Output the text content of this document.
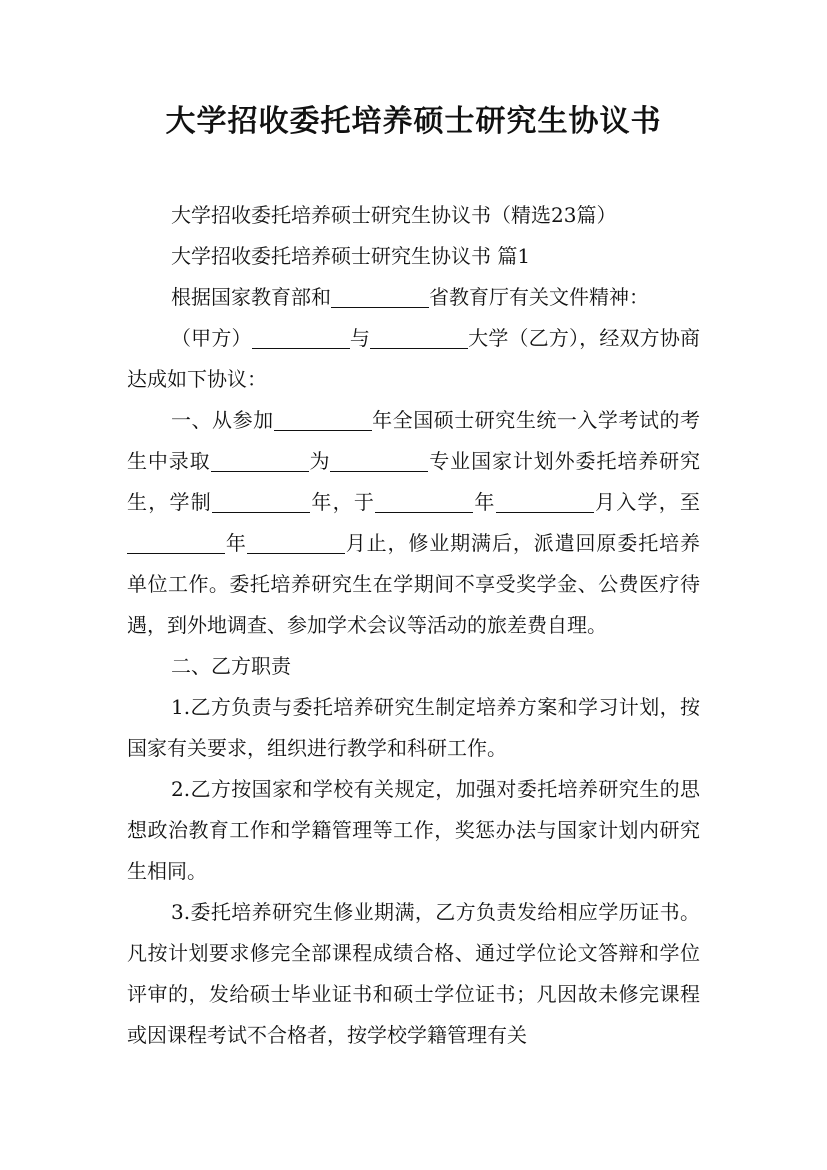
大学招收委托培养硕士研究生协议书

大学招收委托培养硕士研究生协议书（精选23篇）

大学招收委托培养硕士研究生协议书 篇1

根据国家教育部和	省教育厅有关文件精神：

（甲方）	与	大学（乙方），经双方协商达成如下协议：

一、从参加	年全国硕士研究生统一入学考试的考生中录取	为	专业国家计划外委托培养研究生，学制	年，于	年	月入学，至年	月止，修业期满后，派遣回原委托培养单位工作。委托培养研究生在学期间不享受奖学金、公费医疗待遇，到外地调查、参加学术会议等活动的旅差费自理。

二、乙方职责

1.乙方负责与委托培养研究生制定培养方案和学习计划，按国家有关要求，组织进行教学和科研工作。

2.乙方按国家和学校有关规定，加强对委托培养研究生的思想政治教育工作和学籍管理等工作，奖惩办法与国家计划内研究生相同。

3.委托培养研究生修业期满，乙方负责发给相应学历证书。凡按计划要求修完全部课程成绩合格、通过学位论文答辩和学位评审的，发给硕士毕业证书和硕士学位证书；凡因故未修完课程或因课程考试不合格者，按学校学籍管理有关
